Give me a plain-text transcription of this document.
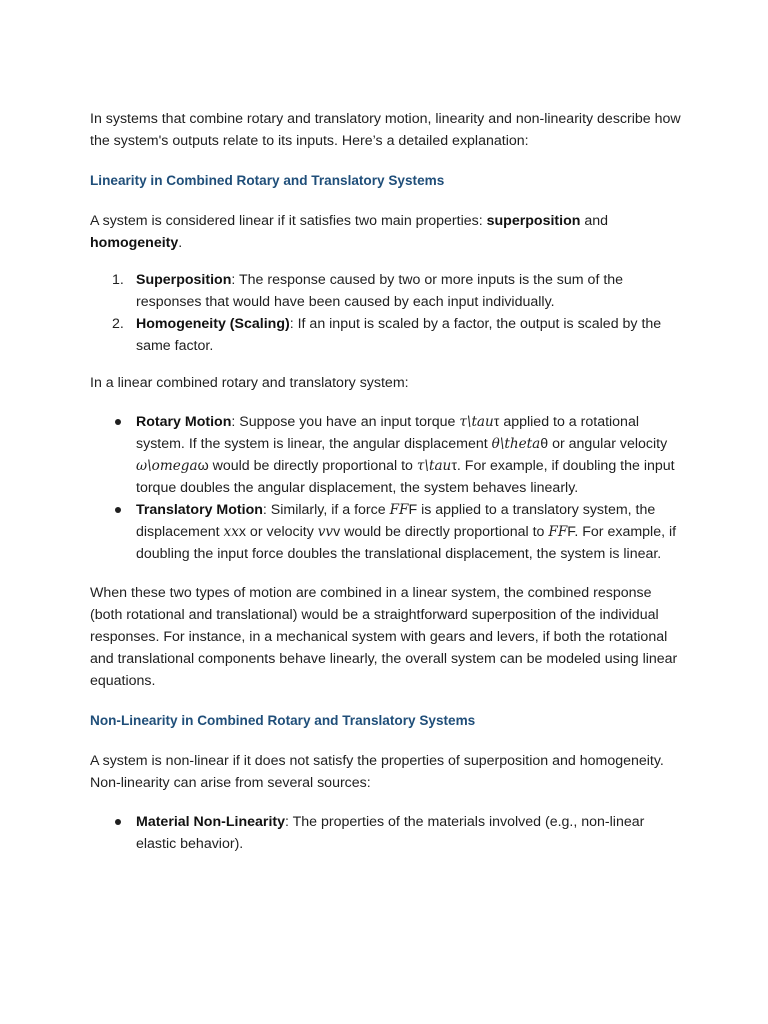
In systems that combine rotary and translatory motion, linearity and non-linearity describe how the system's outputs relate to its inputs. Here’s a detailed explanation:

Linearity in Combined Rotary and Translatory Systems

A system is considered linear if it satisfies two main properties: superposition and homogeneity.

1. Superposition: The response caused by two or more inputs is the sum of the responses that would have been caused by each input individually.
2. Homogeneity (Scaling): If an input is scaled by a factor, the output is scaled by the same factor.

In a linear combined rotary and translatory system:

Rotary Motion: Suppose you have an input torque τ\tauτ applied to a rotational system. If the system is linear, the angular displacement θ\thetaθ or angular velocity ω\omegaω would be directly proportional to τ\tauτ. For example, if doubling the input torque doubles the angular displacement, the system behaves linearly.
Translatory Motion: Similarly, if a force FFF is applied to a translatory system, the displacement xxx or velocity vvv would be directly proportional to FFF. For example, if doubling the input force doubles the translational displacement, the system is linear.

When these two types of motion are combined in a linear system, the combined response (both rotational and translational) would be a straightforward superposition of the individual responses. For instance, in a mechanical system with gears and levers, if both the rotational and translational components behave linearly, the overall system can be modeled using linear equations.

Non-Linearity in Combined Rotary and Translatory Systems

A system is non-linear if it does not satisfy the properties of superposition and homogeneity. Non-linearity can arise from several sources:

Material Non-Linearity: The properties of the materials involved (e.g., non-linear elastic behavior).
